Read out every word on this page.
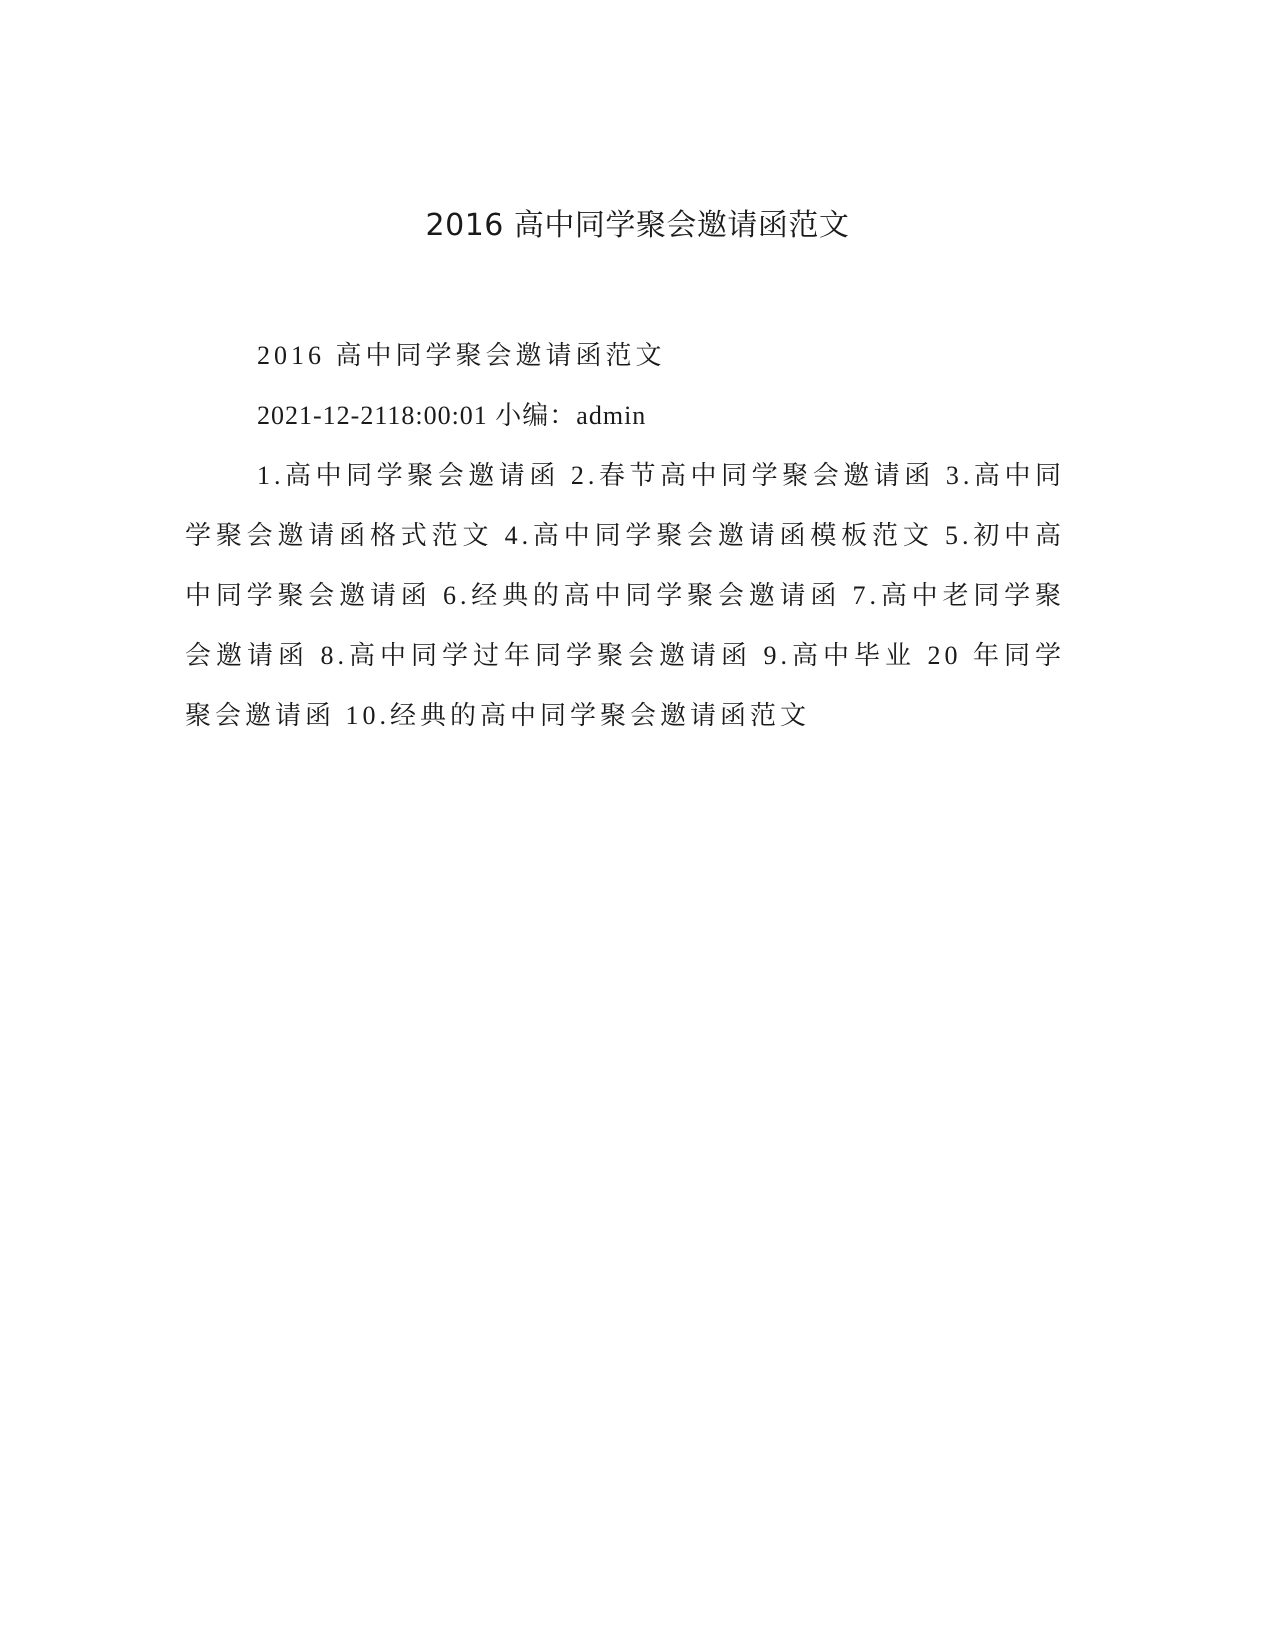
2016 高中同学聚会邀请函范文

2016 高中同学聚会邀请函范文

2021-12-2118:00:01 小编：admin

1.高中同学聚会邀请函 2.春节高中同学聚会邀请函 3.高中同学聚会邀请函格式范文 4.高中同学聚会邀请函模板范文 5.初中高中同学聚会邀请函 6.经典的高中同学聚会邀请函 7.高中老同学聚会邀请函 8.高中同学过年同学聚会邀请函 9.高中毕业 20 年同学聚会邀请函 10.经典的高中同学聚会邀请函范文
